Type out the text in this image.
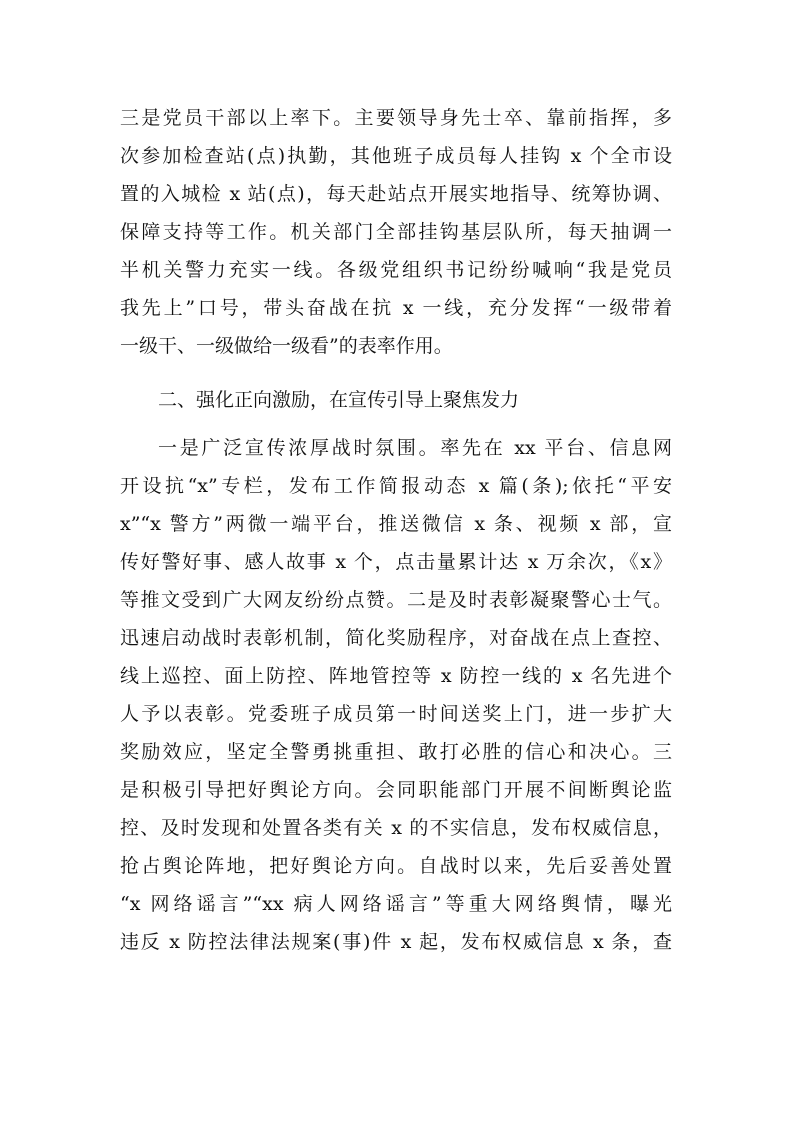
三是党员干部以上率下。主要领导身先士卒、靠前指挥，多
次参加检查站(点)执勤，其他班子成员每人挂钩 x 个全市设
置的入城检 x 站(点)，每天赴站点开展实地指导、统筹协调、
保障支持等工作。机关部门全部挂钩基层队所，每天抽调一
半机关警力充实一线。各级党组织书记纷纷喊响“我是党员
我先上”口号，带头奋战在抗 x 一线，充分发挥“一级带着
一级干、一级做给一级看”的表率作用。
二、强化正向激励，在宣传引导上聚焦发力
一是广泛宣传浓厚战时氛围。率先在 xx 平台、信息网
开设抗“x”专栏，发布工作简报动态 x 篇(条);依托“平安
x”“x 警方”两微一端平台，推送微信 x 条、视频 x 部，宣
传好警好事、感人故事 x 个，点击量累计达 x 万余次，《x》
等推文受到广大网友纷纷点赞。二是及时表彰凝聚警心士气。
迅速启动战时表彰机制，简化奖励程序，对奋战在点上查控、
线上巡控、面上防控、阵地管控等 x 防控一线的 x 名先进个
人予以表彰。党委班子成员第一时间送奖上门，进一步扩大
奖励效应，坚定全警勇挑重担、敢打必胜的信心和决心。三
是积极引导把好舆论方向。会同职能部门开展不间断舆论监
控、及时发现和处置各类有关 x 的不实信息，发布权威信息，
抢占舆论阵地，把好舆论方向。自战时以来，先后妥善处置
“x 网络谣言”“xx 病人网络谣言”等重大网络舆情，曝光
违反 x 防控法律法规案(事)件 x 起，发布权威信息 x 条，查
